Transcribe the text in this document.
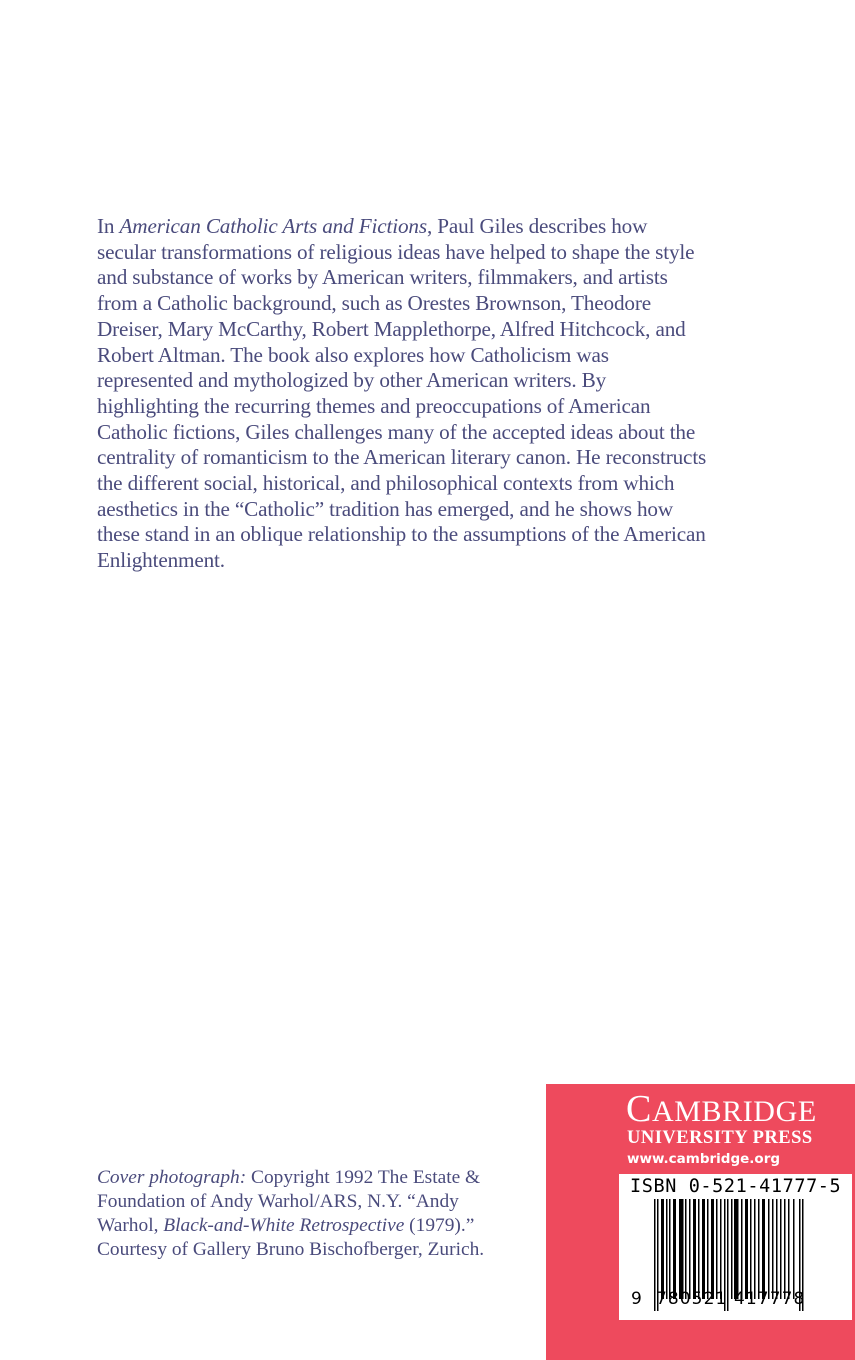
In American Catholic Arts and Fictions, Paul Giles describes how
secular transformations of religious ideas have helped to shape the style
and substance of works by American writers, filmmakers, and artists
from a Catholic background, such as Orestes Brownson, Theodore
Dreiser, Mary McCarthy, Robert Mapplethorpe, Alfred Hitchcock, and
Robert Altman. The book also explores how Catholicism was
represented and mythologized by other American writers. By
highlighting the recurring themes and preoccupations of American
Catholic fictions, Giles challenges many of the accepted ideas about the
centrality of romanticism to the American literary canon. He reconstructs
the different social, historical, and philosophical contexts from which
aesthetics in the “Catholic” tradition has emerged, and he shows how
these stand in an oblique relationship to the assumptions of the American
Enlightenment.
Cover photograph: Copyright 1992 The Estate &
Foundation of Andy Warhol/ARS, N.Y. “Andy
Warhol, Black-and-White Retrospective (1979).”
Courtesy of Gallery Bruno Bischofberger, Zurich.
CAMBRIDGE
UNIVERSITY PRESS
www.cambridge.org
ISBN 0-521-41777-5
9 780521 417778
